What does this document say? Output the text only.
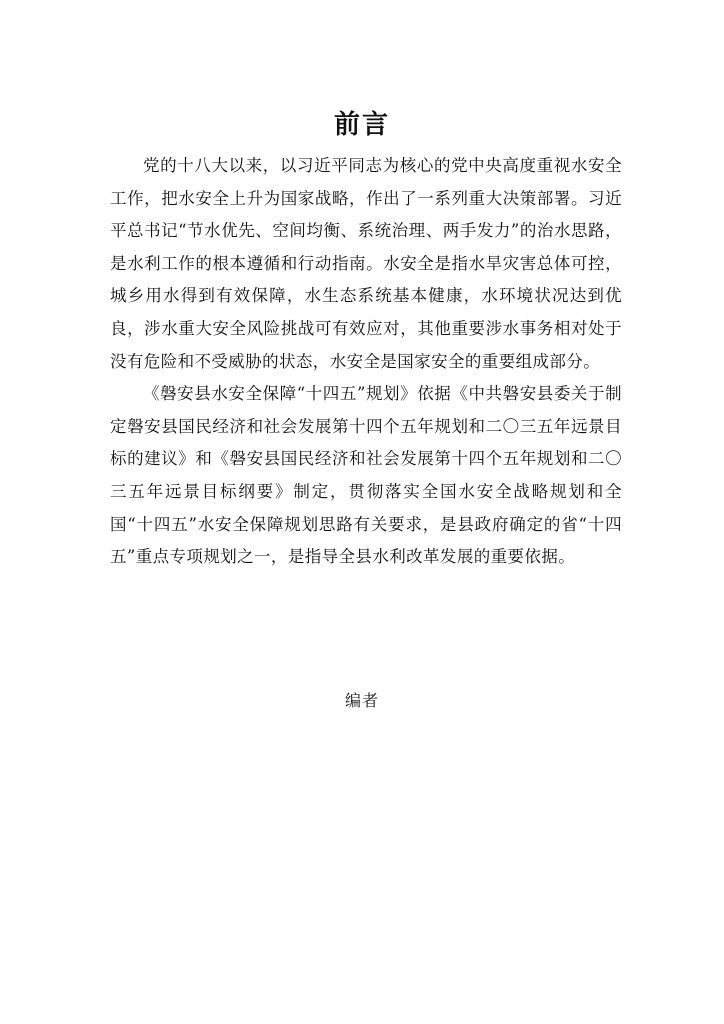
前言

党的十八大以来，以习近平同志为核心的党中央高度重视水安全工作，把水安全上升为国家战略，作出了一系列重大决策部署。习近平总书记“节水优先、空间均衡、系统治理、两手发力”的治水思路，是水利工作的根本遵循和行动指南。水安全是指水旱灾害总体可控，城乡用水得到有效保障，水生态系统基本健康，水环境状况达到优良，涉水重大安全风险挑战可有效应对，其他重要涉水事务相对处于没有危险和不受威胁的状态，水安全是国家安全的重要组成部分。

《磐安县水安全保障“十四五”规划》依据《中共磐安县委关于制定磐安县国民经济和社会发展第十四个五年规划和二〇三五年远景目标的建议》和《磐安县国民经济和社会发展第十四个五年规划和二〇三五年远景目标纲要》制定，贯彻落实全国水安全战略规划和全国“十四五”水安全保障规划思路有关要求，是县政府确定的省“十四五”重点专项规划之一，是指导全县水利改革发展的重要依据。

编者
